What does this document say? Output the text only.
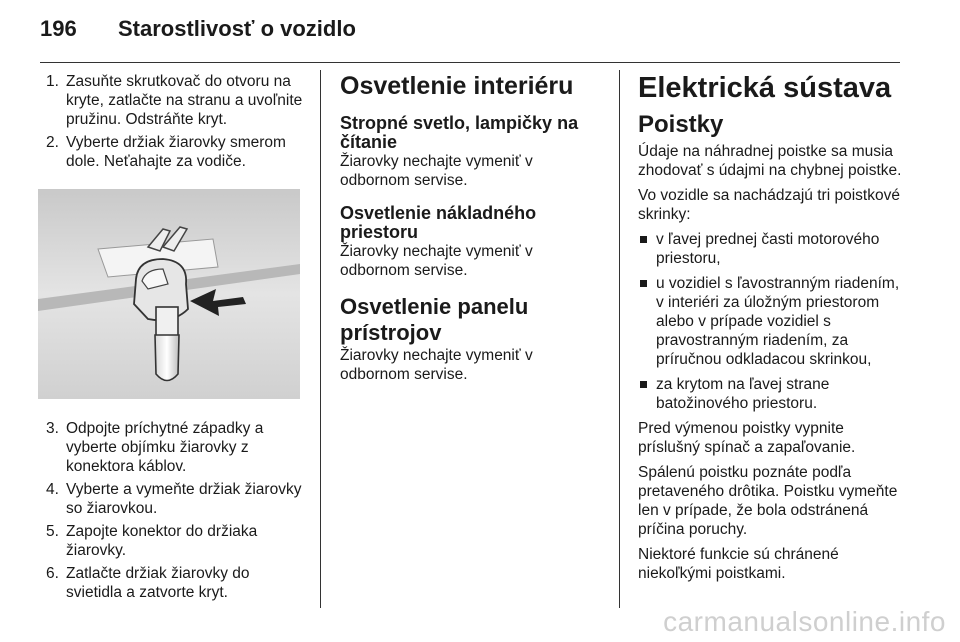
196 Starostlivosť o vozidlo
1. Zasuňte skrutkovač do otvoru na kryte, zatlačte na stranu a uvoľnite pružinu. Odstráňte kryt.
2. Vyberte držiak žiarovky smerom dole. Neťahajte za vodiče.
3. Odpojte príchytné západky a vyberte objímku žiarovky z konektora káblov.
4. Vyberte a vymeňte držiak žiarovky so žiarovkou.
5. Zapojte konektor do držiaka žiarovky.
6. Zatlačte držiak žiarovky do svietidla a zatvorte kryt.
Osvetlenie interiéru
Stropné svetlo, lampičky na čítanie

Žiarovky nechajte vymeniť v odbornom servise.

Osvetlenie nákladného priestoru

Žiarovky nechajte vymeniť v odbornom servise.

Osvetlenie panelu prístrojov

Žiarovky nechajte vymeniť v odbornom servise.

Elektrická sústava
Poistky

Údaje na náhradnej poistke sa musia zhodovať s údajmi na chybnej poistke.

Vo vozidle sa nachádzajú tri poistkové skrinky:

v ľavej prednej časti motorového priestoru,
u vozidiel s ľavostranným riadením, v interiéri za úložným priestorom alebo v prípade vozidiel s pravostranným riadením, za príručnou odkladacou skrinkou,
za krytom na ľavej strane batožinového priestoru.

Pred výmenou poistky vypnite príslušný spínač a zapaľovanie.

Spálenú poistku poznáte podľa pretaveného drôtika. Poistku vymeňte len v prípade, že bola odstránená príčina poruchy.

Niektoré funkcie sú chránené niekoľkými poistkami.

carmanualsonline.info
